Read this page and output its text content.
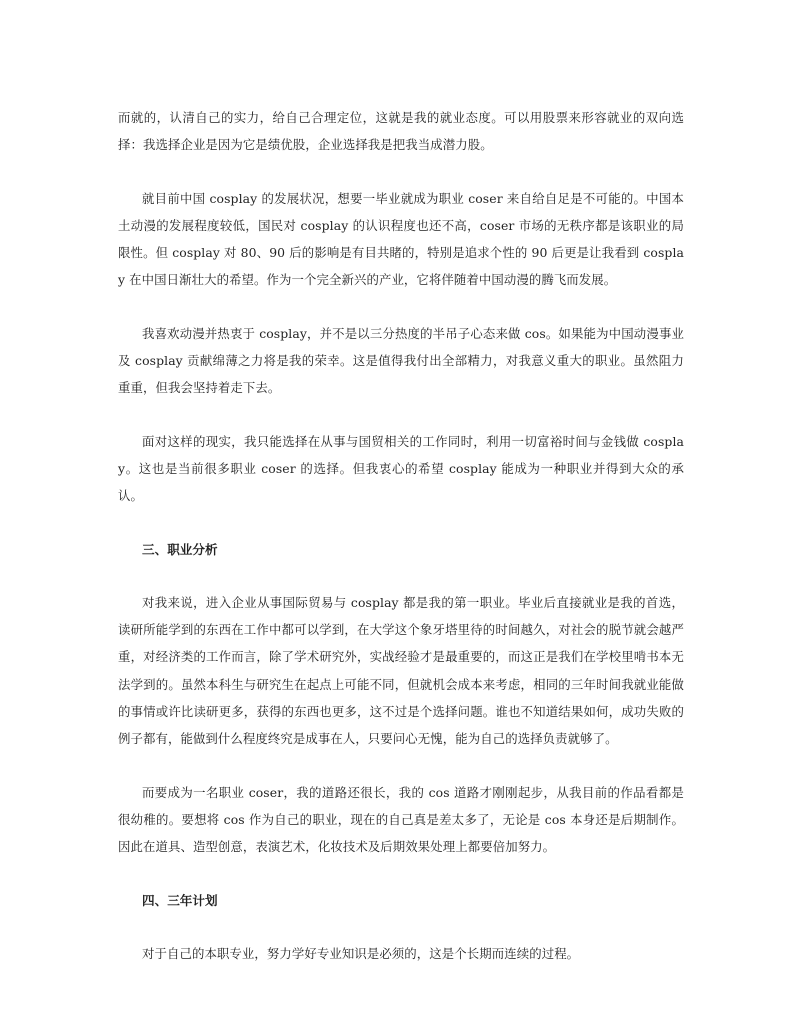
而就的，认清自己的实力，给自己合理定位，这就是我的就业态度。可以用股票来形容就业的双向选择：我选择企业是因为它是绩优股，企业选择我是把我当成潜力股。

就目前中国 cosplay 的发展状况，想要一毕业就成为职业 coser 来自给自足是不可能的。中国本土动漫的发展程度较低，国民对 cosplay 的认识程度也还不高，coser 市场的无秩序都是该职业的局限性。但 cosplay 对 80、90 后的影响是有目共睹的，特别是追求个性的 90 后更是让我看到 cosplay 在中国日渐壮大的希望。作为一个完全新兴的产业，它将伴随着中国动漫的腾飞而发展。

我喜欢动漫并热衷于 cosplay，并不是以三分热度的半吊子心态来做 cos。如果能为中国动漫事业及 cosplay 贡献绵薄之力将是我的荣幸。这是值得我付出全部精力，对我意义重大的职业。虽然阻力重重，但我会坚持着走下去。

面对这样的现实，我只能选择在从事与国贸相关的工作同时，利用一切富裕时间与金钱做 cosplay。这也是当前很多职业 coser 的选择。但我衷心的希望 cosplay 能成为一种职业并得到大众的承认。

三、职业分析

对我来说，进入企业从事国际贸易与 cosplay 都是我的第一职业。毕业后直接就业是我的首选，读研所能学到的东西在工作中都可以学到，在大学这个象牙塔里待的时间越久，对社会的脱节就会越严重，对经济类的工作而言，除了学术研究外，实战经验才是最重要的，而这正是我们在学校里啃书本无法学到的。虽然本科生与研究生在起点上可能不同，但就机会成本来考虑，相同的三年时间我就业能做的事情或许比读研更多，获得的东西也更多，这不过是个选择问题。谁也不知道结果如何，成功失败的例子都有，能做到什么程度终究是成事在人，只要问心无愧，能为自己的选择负责就够了。

而要成为一名职业 coser，我的道路还很长，我的 cos 道路才刚刚起步，从我目前的作品看都是很幼稚的。要想将 cos 作为自己的职业，现在的自己真是差太多了，无论是 cos 本身还是后期制作。因此在道具、造型创意，表演艺术，化妆技术及后期效果处理上都要倍加努力。

四、三年计划

对于自己的本职专业，努力学好专业知识是必须的，这是个长期而连续的过程。
